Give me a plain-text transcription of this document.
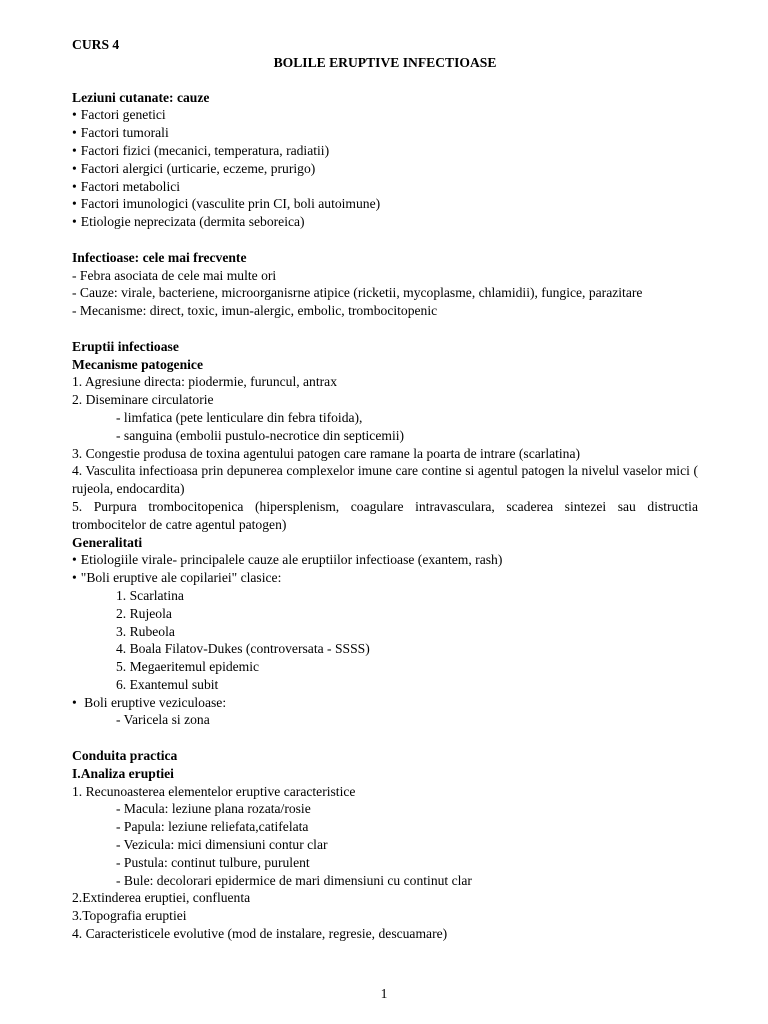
CURS 4
BOLILE ERUPTIVE INFECTIOASE
Leziuni cutanate: cauze
• Factori genetici
• Factori tumorali
• Factori fizici (mecanici, temperatura, radiatii)
• Factori alergici (urticarie, eczeme, prurigo)
• Factori metabolici
• Factori imunologici (vasculite prin CI, boli autoimune)
• Etiologie neprecizata (dermita seboreica)
Infectioase: cele mai frecvente
- Febra asociata de cele mai multe ori
- Cauze: virale, bacteriene, microorganisrne atipice (ricketii, mycoplasme, chlamidii), fungice, parazitare
- Mecanisme: direct, toxic, imun-alergic, embolic, trombocitopenic
Eruptii infectioase
Mecanisme patogenice
1. Agresiune directa: piodermie, furuncul, antrax
2. Diseminare circulatorie
- limfatica (pete lenticulare din febra tifoida),
- sanguina (embolii pustulo-necrotice din septicemii)
3. Congestie produsa de toxina agentului patogen care ramane la poarta de intrare (scarlatina)
4. Vasculita infectioasa prin depunerea complexelor imune care contine si agentul patogen la nivelul vaselor mici ( rujeola, endocardita)
5. Purpura trombocitopenica (hipersplenism, coagulare intravasculara, scaderea sintezei sau distructia trombocitelor de catre agentul patogen)
Generalitati
• Etiologiile virale- principalele cauze ale eruptiilor infectioase (exantem, rash)
• "Boli eruptive ale copilariei" clasice:
1. Scarlatina
2. Rujeola
3. Rubeola
4. Boala Filatov-Dukes (controversata - SSSS)
5. Megaeritemul epidemic
6. Exantemul subit
• Boli eruptive veziculoase:
- Varicela si zona
Conduita practica
I.Analiza eruptiei
1. Recunoasterea elementelor eruptive caracteristice
- Macula: leziune plana rozata/rosie
- Papula: leziune reliefata,catifelata
- Vezicula: mici dimensiuni contur clar
- Pustula: continut tulbure, purulent
- Bule: decolorari epidermice de mari dimensiuni cu continut clar
2.Extinderea eruptiei, confluenta
3.Topografia eruptiei
4. Caracteristicele evolutive (mod de instalare, regresie, descuamare)
1
